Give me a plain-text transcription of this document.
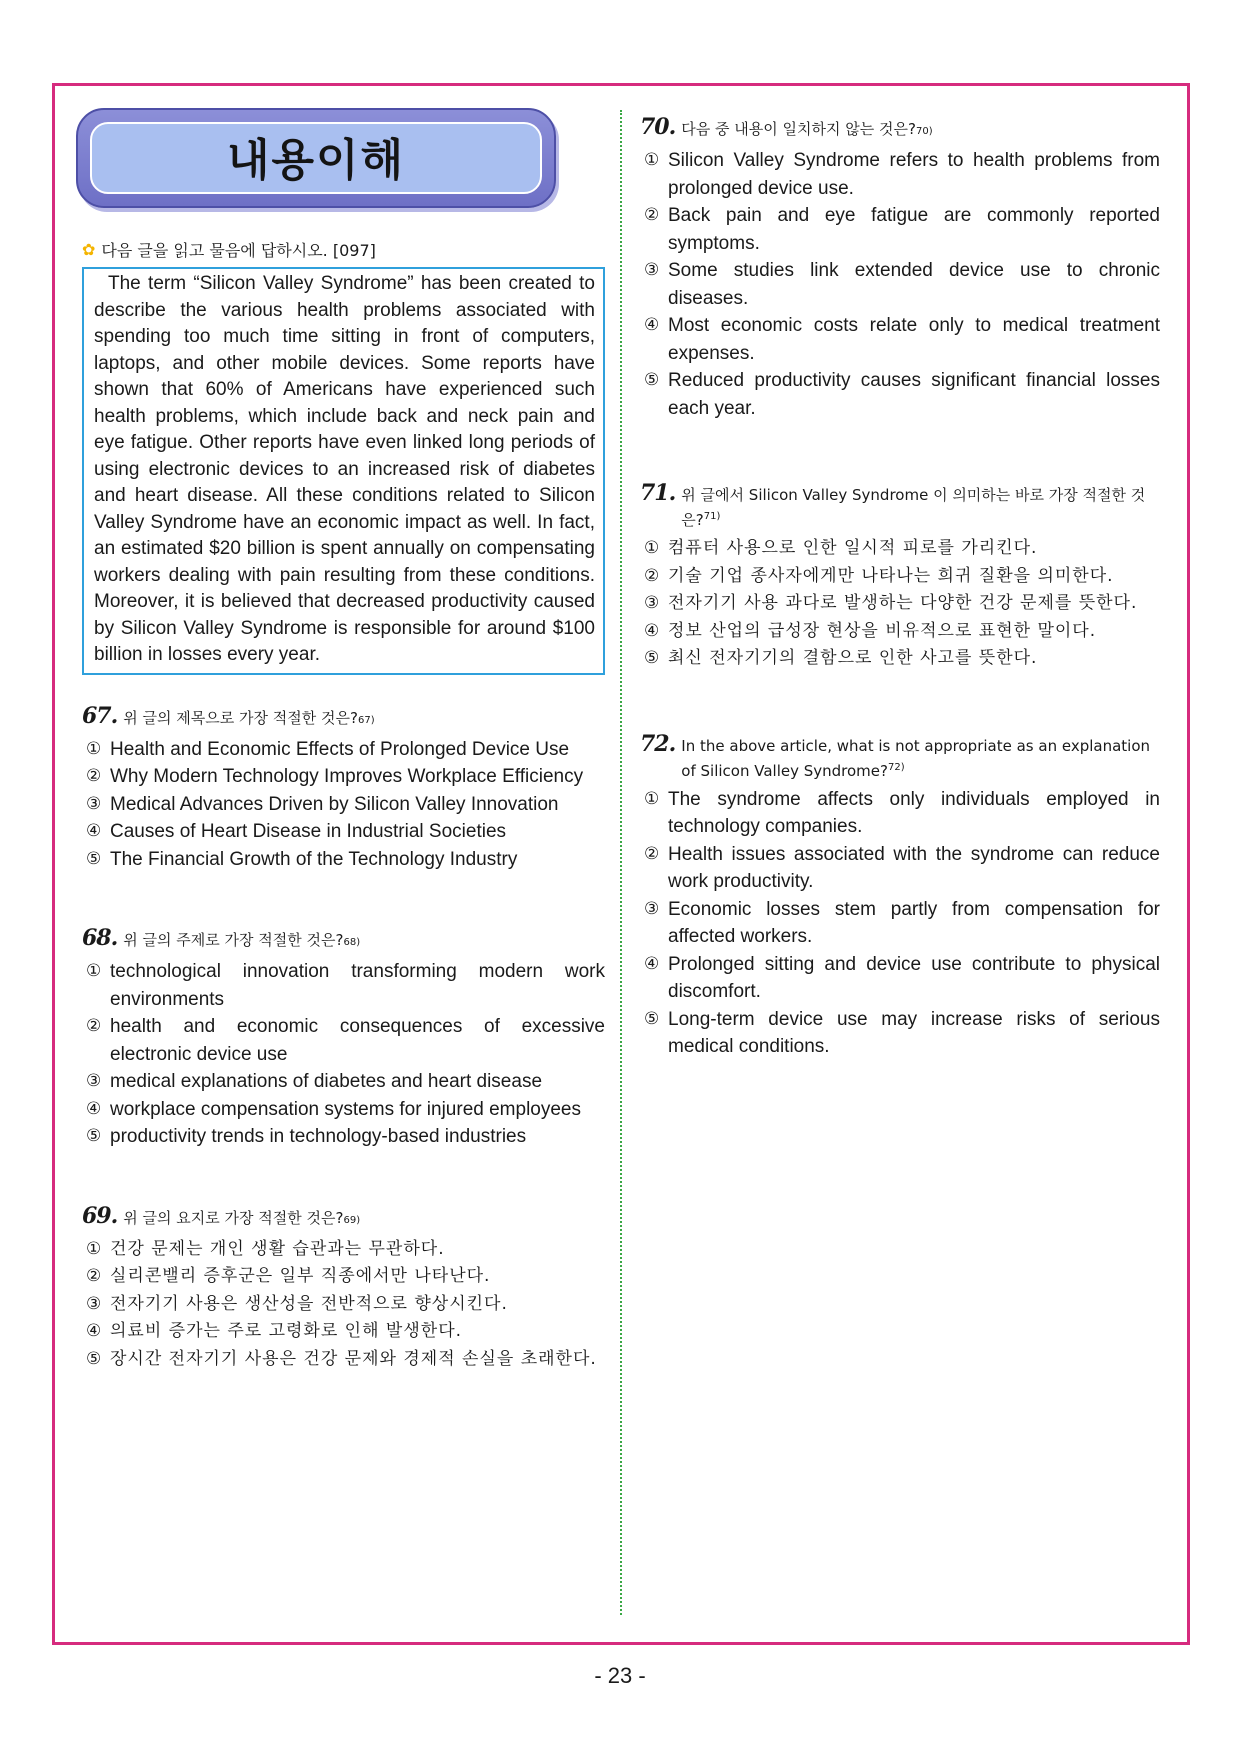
내용이해
✿ 다음 글을 읽고 물음에 답하시오. [097]
The term “Silicon Valley Syndrome” has been created to describe the various health problems associated with spending too much time sitting in front of computers, laptops, and other mobile devices. Some reports have shown that 60% of Americans have experienced such health problems, which include back and neck pain and eye fatigue. Other reports have even linked long periods of using electronic devices to an increased risk of diabetes and heart disease. All these conditions related to Silicon Valley Syndrome have an economic impact as well. In fact, an estimated $20 billion is spent annually on compensating workers dealing with pain resulting from these conditions. Moreover, it is believed that decreased productivity caused by Silicon Valley Syndrome is responsible for around $100 billion in losses every year.
67 . 위 글의 제목으로 가장 적절한 것은? 67)
① Health and Economic Effects of Prolonged Device Use
② Why Modern Technology Improves Workplace Efficiency
③ Medical Advances Driven by Silicon Valley Innovation
④ Causes of Heart Disease in Industrial Societies
⑤ The Financial Growth of the Technology Industry
68 . 위 글의 주제로 가장 적절한 것은? 68)
① technological innovation transforming modern work environments
② health and economic consequences of excessive electronic device use
③ medical explanations of diabetes and heart disease
④ workplace compensation systems for injured employees
⑤ productivity trends in technology-based industries
69 . 위 글의 요지로 가장 적절한 것은? 69)
① 건강 문제는 개인 생활 습관과는 무관하다.
② 실리콘밸리 증후군은 일부 직종에서만 나타난다.
③ 전자기기 사용은 생산성을 전반적으로 향상시킨다.
④ 의료비 증가는 주로 고령화로 인해 발생한다.
⑤ 장시간 전자기기 사용은 건강 문제와 경제적 손실을 초래한다.
70 . 다음 중 내용이 일치하지 않는 것은? 70)
① Silicon Valley Syndrome refers to health problems from prolonged device use.
② Back pain and eye fatigue are commonly reported symptoms.
③ Some studies link extended device use to chronic diseases.
④ Most economic costs relate only to medical treatment expenses.
⑤ Reduced productivity causes significant financial losses each year.
71 . 위 글에서 Silicon Valley Syndrome 이 의미하는 바로 가장 적절한 것은?$^{71)}$
① 컴퓨터 사용으로 인한 일시적 피로를 가리킨다.
② 기술 기업 종사자에게만 나타나는 희귀 질환을 의미한다.
③ 전자기기 사용 과다로 발생하는 다양한 건강 문제를 뜻한다.
④ 정보 산업의 급성장 현상을 비유적으로 표현한 말이다.
⑤ 최신 전자기기의 결함으로 인한 사고를 뜻한다.
72 . In the above article, what is not appropriate as an explanation of Silicon Valley Syndrome?$^{72)}$
① The syndrome affects only individuals employed in technology companies.
② Health issues associated with the syndrome can reduce work productivity.
③ Economic losses stem partly from compensation for affected workers.
④ Prolonged sitting and device use contribute to physical discomfort.
⑤ Long-term device use may increase risks of serious medical conditions.
- 23 -
